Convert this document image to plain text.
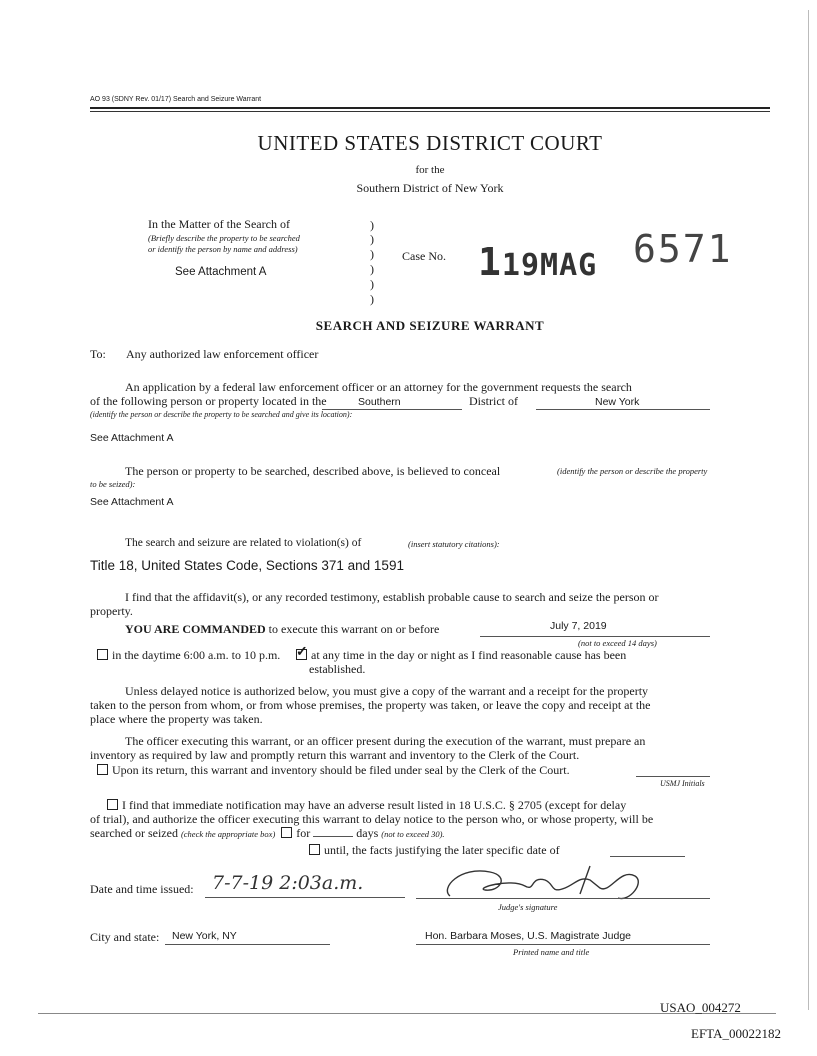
AO 93 (SDNY Rev. 01/17) Search and Seizure Warrant
UNITED STATES DISTRICT COURT
for the
Southern District of New York
In the Matter of the Search of
(Briefly describe the property to be searched
or identify the person by name and address)
See Attachment A
)
)
)
)
)
)
Case No. 119MAG 6571
SEARCH AND SEIZURE WARRANT
To: Any authorized law enforcement officer
An application by a federal law enforcement officer or an attorney for the government requests the search
of the following person or property located in the	Southern	District of	New York
(identify the person or describe the property to be searched and give its location):
See Attachment A
The person or property to be searched, described above, is believed to conceal	(identify the person or describe the property
to be seized):
See Attachment A
The search and seizure are related to violation(s) of	(insert statutory citations):
Title 18, United States Code, Sections 371 and 1591
I find that the affidavit(s), or any recorded testimony, establish probable cause to search and seize the person or
property.
YOU ARE COMMANDED to execute this warrant on or before	July 7, 2019
(not to exceed 14 days)
in the daytime 6:00 a.m. to 10 p.m. ✓ at any time in the day or night as I find reasonable cause has been
established.
Unless delayed notice is authorized below, you must give a copy of the warrant and a receipt for the property
taken to the person from whom, or from whose premises, the property was taken, or leave the copy and receipt at the
place where the property was taken.
The officer executing this warrant, or an officer present during the execution of the warrant, must prepare an
inventory as required by law and promptly return this warrant and inventory to the Clerk of the Court.
Upon its return, this warrant and inventory should be filed under seal by the Clerk of the Court.
USMJ Initials
I find that immediate notification may have an adverse result listed in 18 U.S.C. § 2705 (except for delay
of trial), and authorize the officer executing this warrant to delay notice to the person who, or whose property, will be
searched or seized (check the appropriate box) for	days (not to exceed 30).
until, the facts justifying the later specific date of
Date and time issued: 7-7-19 2:03a.m.
Judge's signature
City and state: New York, NY	Hon. Barbara Moses, U.S. Magistrate Judge
Printed name and title
USAO_004272
EFTA_00022182
